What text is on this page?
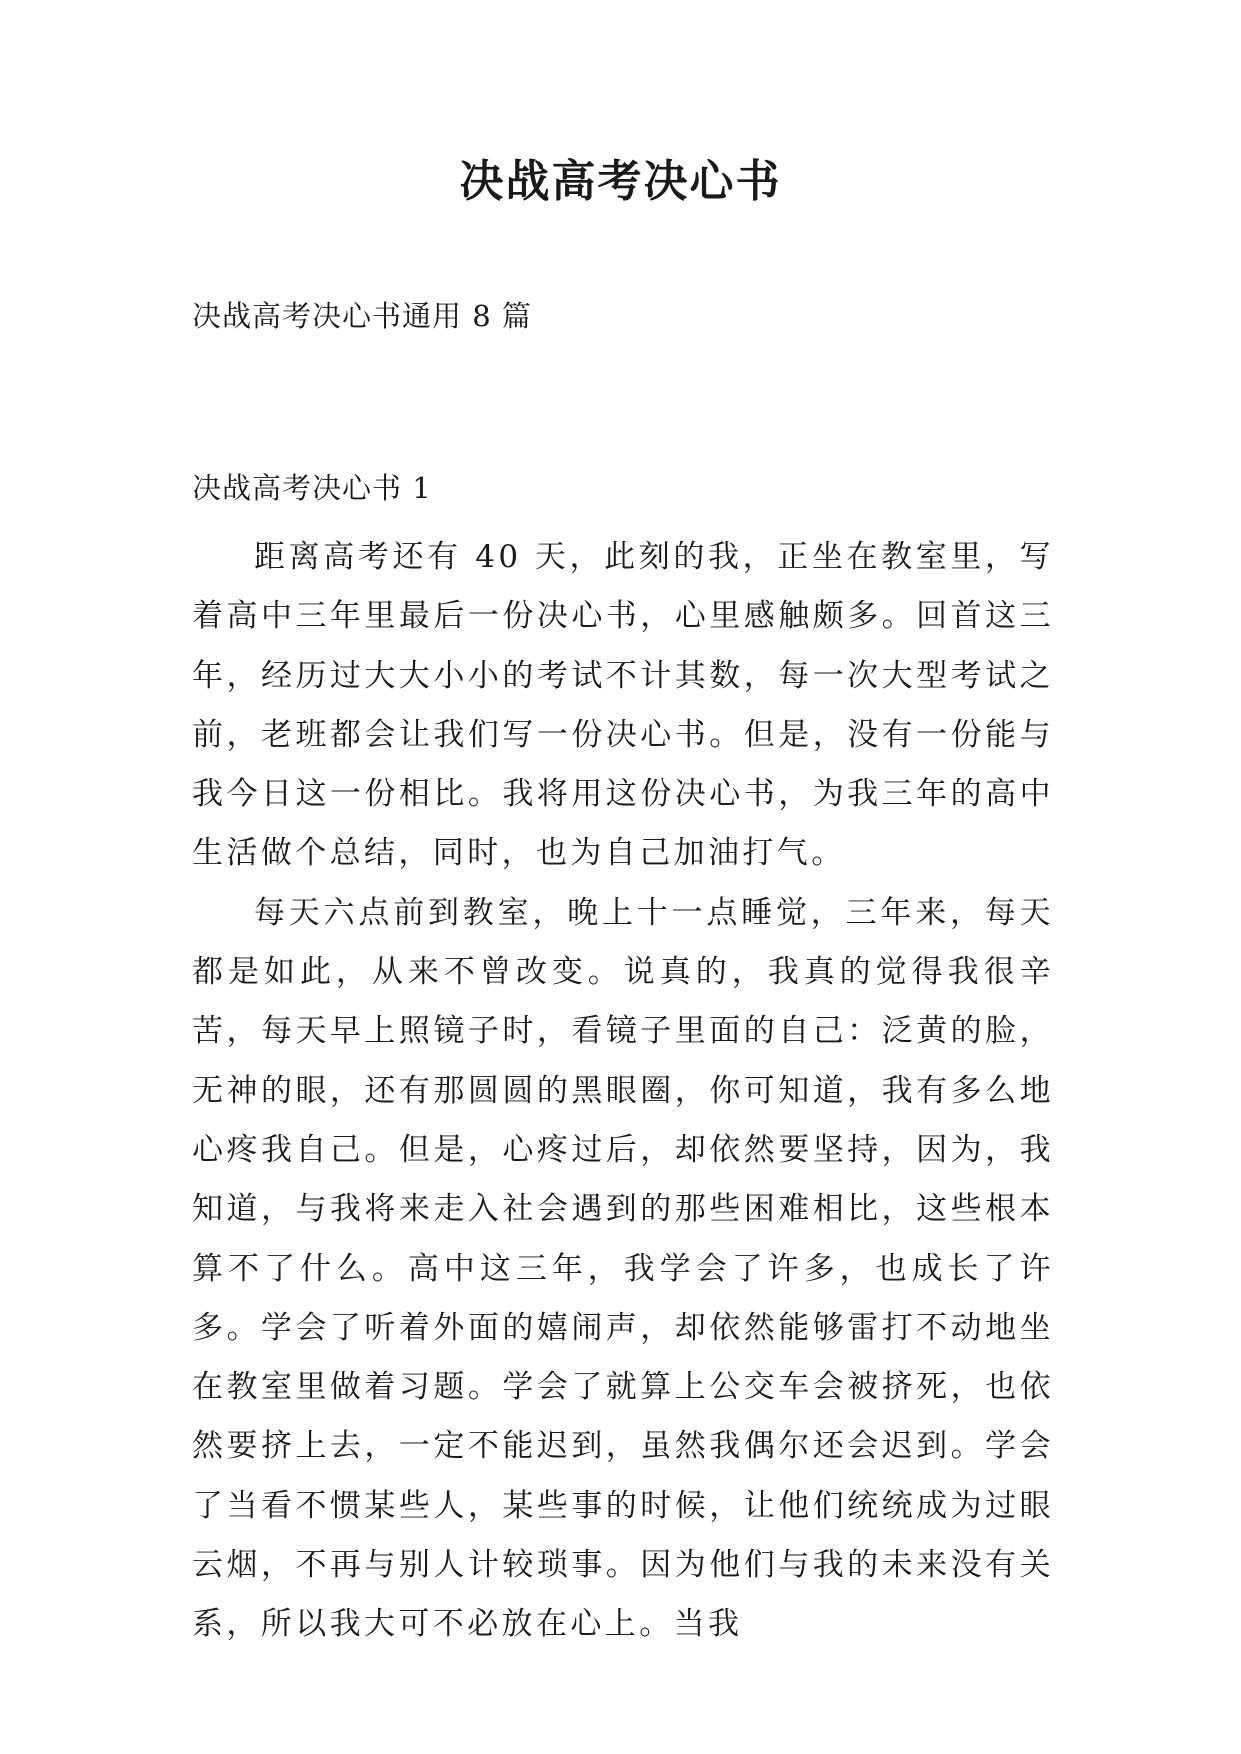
决战高考决心书
决战高考决心书通用 8 篇
决战高考决心书 1

距离高考还有 40 天，此刻的我，正坐在教室里，写着高中三年里最后一份决心书，心里感触颇多。回首这三年，经历过大大小小的考试不计其数，每一次大型考试之前，老班都会让我们写一份决心书。但是，没有一份能与我今日这一份相比。我将用这份决心书，为我三年的高中生活做个总结，同时，也为自己加油打气。

每天六点前到教室，晚上十一点睡觉，三年来，每天都是如此，从来不曾改变。说真的，我真的觉得我很辛苦，每天早上照镜子时，看镜子里面的自己：泛黄的脸，无神的眼，还有那圆圆的黑眼圈，你可知道，我有多么地心疼我自己。但是，心疼过后，却依然要坚持，因为，我知道，与我将来走入社会遇到的那些困难相比，这些根本算不了什么。高中这三年，我学会了许多，也成长了许多。学会了听着外面的嬉闹声，却依然能够雷打不动地坐在教室里做着习题。学会了就算上公交车会被挤死，也依然要挤上去，一定不能迟到，虽然我偶尔还会迟到。学会了当看不惯某些人，某些事的时候，让他们统统成为过眼云烟，不再与别人计较琐事。因为他们与我的未来没有关系，所以我大可不必放在心上。当我
